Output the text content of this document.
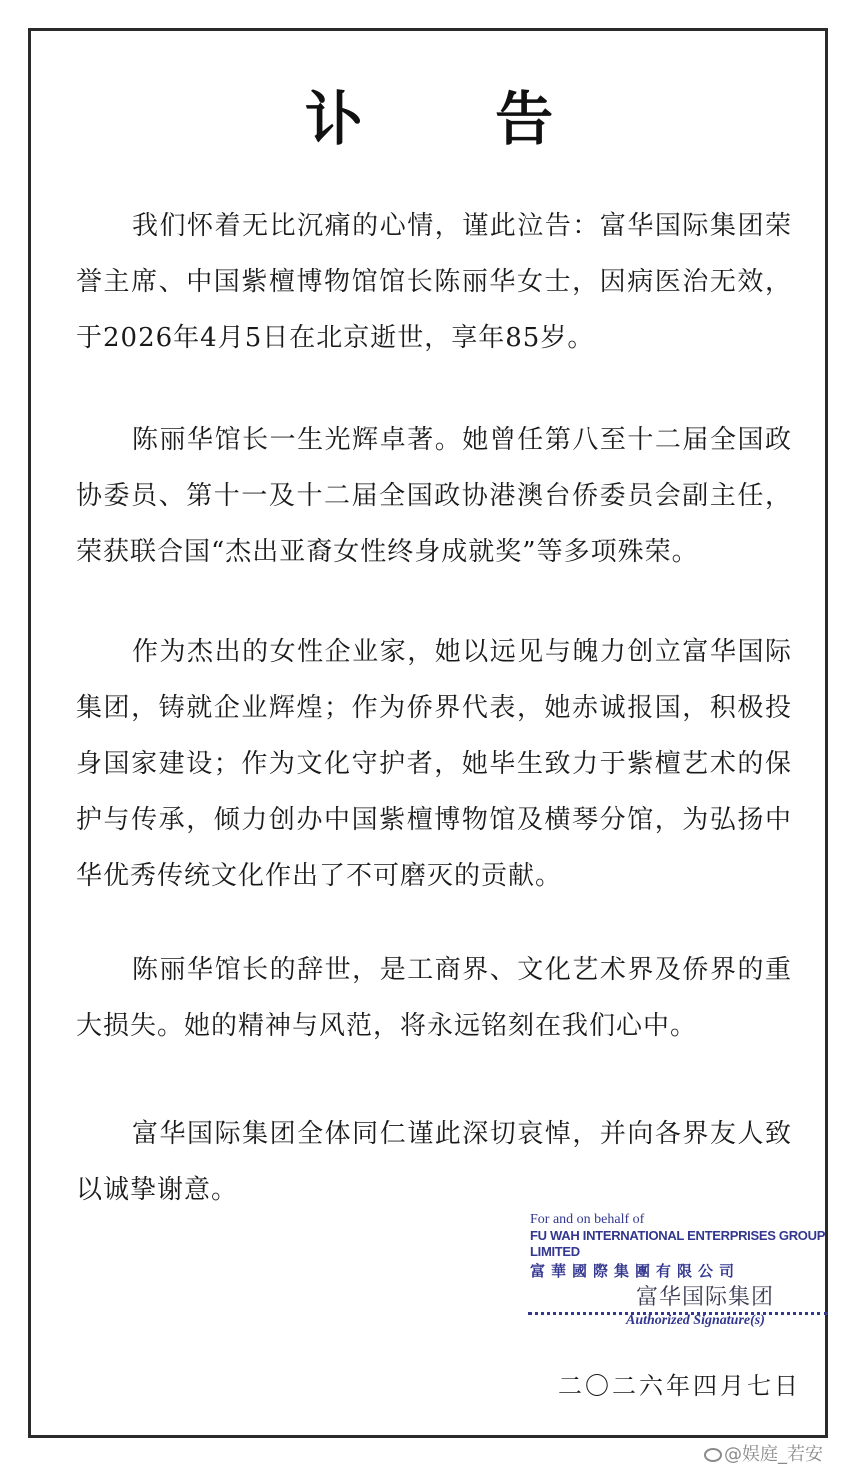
讣 告

我们怀着无比沉痛的心情，谨此泣告：富华国际集团荣誉主席、中国紫檀博物馆馆长陈丽华女士，因病医治无效，于2026年4月5日在北京逝世，享年85岁。

陈丽华馆长一生光辉卓著。她曾任第八至十二届全国政协委员、第十一及十二届全国政协港澳台侨委员会副主任，荣获联合国“杰出亚裔女性终身成就奖”等多项殊荣。

作为杰出的女性企业家，她以远见与魄力创立富华国际集团，铸就企业辉煌；作为侨界代表，她赤诚报国，积极投身国家建设；作为文化守护者，她毕生致力于紫檀艺术的保护与传承，倾力创办中国紫檀博物馆及横琴分馆，为弘扬中华优秀传统文化作出了不可磨灭的贡献。

陈丽华馆长的辞世，是工商界、文化艺术界及侨界的重大损失。她的精神与风范，将永远铭刻在我们心中。

富华国际集团全体同仁谨此深切哀悼，并向各界友人致以诚挚谢意。

For and on behalf of
FU WAH INTERNATIONAL ENTERPRISES GROUP LIMITED
富華國際集團有限公司
富华国际集团
Authorized Signature(s)
二〇二六年四月七日
@娱庭_若安
